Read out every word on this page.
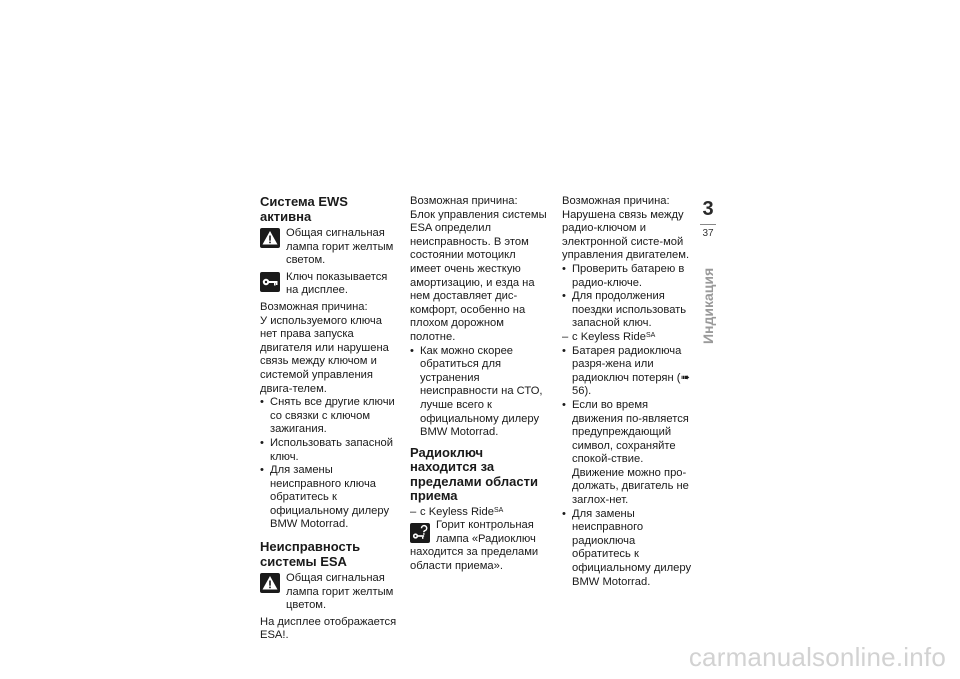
Система EWS активна
Общая сигнальная лампа горит желтым светом.
Ключ показывается на дисплее.

Возможная причина:

У используемого ключа нет права запуска двигателя или нарушена связь между ключом и системой управления двига-телем.

• Снять все другие ключи со связки с ключом зажигания.
• Использовать запасной ключ.
• Для замены неисправного ключа обратитесь к официальному дилеру BMW Motorrad.
Неисправность системы ESA
Общая сигнальная лампа горит желтым цветом.

На дисплее отображается ESA!.

Возможная причина:

Блок управления системы ESA определил неисправность. В этом состоянии мотоцикл имеет очень жесткую амортизацию, и езда на нем доставляет дис-комфорт, особенно на плохом дорожном полотне.

• Как можно скорее обратиться для устранения неисправности на СТО, лучше всего к официальному дилеру BMW Motorrad.
Радиоключ находится за пределами области приема

– с Keyless Ride$^{SA}$

Горит контрольная лампа «Радиоключ находится за пределами области приема».

Возможная причина:

Нарушена связь между радио-ключом и электронной систе-мой управления двигателем.

• Проверить батарею в радио-ключе.
• Для продолжения поездки использовать запасной ключ.

– с Keyless Ride$^{SA}$

• Батарея радиоключа разря-жена или радиоключ потерян (➠ 56).
• Если во время движения по-является предупреждающий символ, сохраняйте спокой-ствие. Движение можно про-должать, двигатель не заглох-нет.
• Для замены неисправного радиоключа обратитесь к официальному дилеру BMW Motorrad.
3
37
Индикация
carmanualsonline.info
